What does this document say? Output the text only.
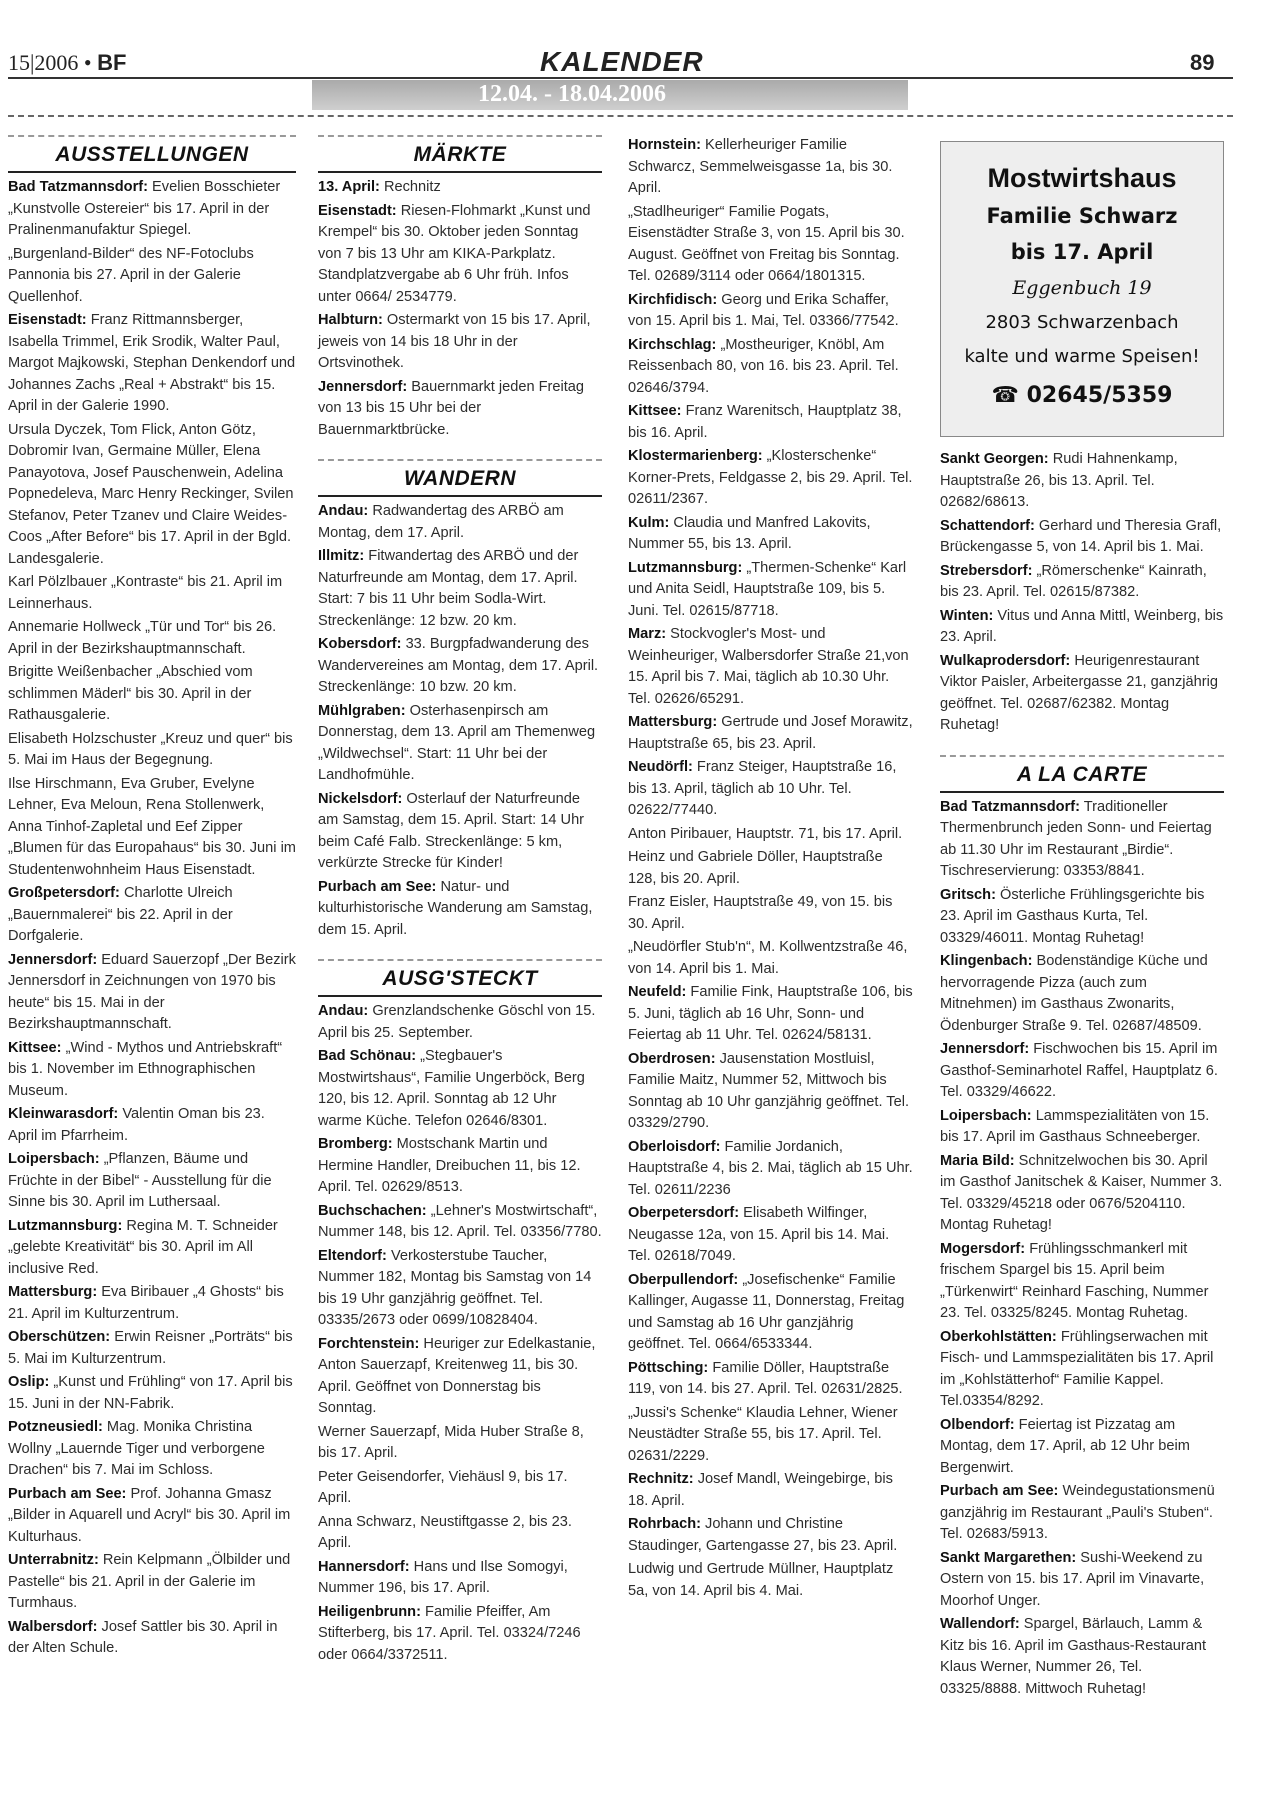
15|2006 • BF	KALENDER	89
12.04. - 18.04.2006
AUSSTELLUNGEN
Bad Tatzmannsdorf: Evelien Bosschieter „Kunstvolle Ostereier“ bis 17. April in der Pralinenmanufaktur Spiegel.
„Burgenland-Bilder“ des NF-Fotoclubs Pannonia bis 27. April in der Galerie Quellenhof.
Eisenstadt: Franz Rittmannsberger, Isabella Trimmel, Erik Srodik, Walter Paul, Margot Majkowski, Stephan Denkendorf und Johannes Zachs „Real + Abstrakt“ bis 15. April in der Galerie 1990.
Ursula Dyczek, Tom Flick, Anton Götz, Dobromir Ivan, Germaine Müller, Elena Panayotova, Josef Pauschenwein, Adelina Popnedeleva, Marc Henry Reckinger, Svilen Stefanov, Peter Tzanev und Claire Weides-Coos „After Before“ bis 17. April in der Bgld. Landesgalerie.
Karl Pölzlbauer „Kontraste“ bis 21. April im Leinnerhaus.
Annemarie Hollweck „Tür und Tor“ bis 26. April in der Bezirkshauptmannschaft.
Brigitte Weißenbacher „Abschied vom schlimmen Mäderl“ bis 30. April in der Rathausgalerie.
Elisabeth Holzschuster „Kreuz und quer“ bis 5. Mai im Haus der Begegnung.
Ilse Hirschmann, Eva Gruber, Evelyne Lehner, Eva Meloun, Rena Stollenwerk, Anna Tinhof-Zapletal und Eef Zipper „Blumen für das Europahaus“ bis 30. Juni im Studentenwohnheim Haus Eisenstadt.
Großpetersdorf: Charlotte Ulreich „Bauernmalerei“ bis 22. April in der Dorfgalerie.
Jennersdorf: Eduard Sauerzopf „Der Bezirk Jennersdorf in Zeichnungen von 1970 bis heute“ bis 15. Mai in der Bezirkshauptmannschaft.
Kittsee: „Wind - Mythos und Antriebskraft“ bis 1. November im Ethnographischen Museum.
Kleinwarasdorf: Valentin Oman bis 23. April im Pfarrheim.
Loipersbach: „Pflanzen, Bäume und Früchte in der Bibel“ - Ausstellung für die Sinne bis 30. April im Luthersaal.
Lutzmannsburg: Regina M. T. Schneider „gelebte Kreativität“ bis 30. April im All inclusive Red.
Mattersburg: Eva Biribauer „4 Ghosts“ bis 21. April im Kulturzentrum.
Oberschützen: Erwin Reisner „Porträts“ bis 5. Mai im Kulturzentrum.
Oslip: „Kunst und Frühling“ von 17. April bis 15. Juni in der NN-Fabrik.
Potzneusiedl: Mag. Monika Christina Wollny „Lauernde Tiger und verborgene Drachen“ bis 7. Mai im Schloss.
Purbach am See: Prof. Johanna Gmasz „Bilder in Aquarell und Acryl“ bis 30. April im Kulturhaus.
Unterrabnitz: Rein Kelpmann „Ölbilder und Pastelle“ bis 21. April in der Galerie im Turmhaus.
Walbersdorf: Josef Sattler bis 30. April in der Alten Schule.
MÄRKTE
13. April: Rechnitz
Eisenstadt: Riesen-Flohmarkt „Kunst und Krempel“ bis 30. Oktober jeden Sonntag von 7 bis 13 Uhr am KIKA-Parkplatz. Standplatzvergabe ab 6 Uhr früh. Infos unter 0664/ 2534779.
Halbturn: Ostermarkt von 15 bis 17. April, jeweis von 14 bis 18 Uhr in der Ortsvinothek.
Jennersdorf: Bauernmarkt jeden Freitag von 13 bis 15 Uhr bei der Bauernmarktbrücke.
WANDERN
Andau: Radwandertag des ARBÖ am Montag, dem 17. April.
Illmitz: Fitwandertag des ARBÖ und der Naturfreunde am Montag, dem 17. April. Start: 7 bis 11 Uhr beim Sodla-Wirt. Streckenlänge: 12 bzw. 20 km.
Kobersdorf: 33. Burgpfadwanderung des Wandervereines am Montag, dem 17. April. Streckenlänge: 10 bzw. 20 km.
Mühlgraben: Osterhasenpirsch am Donnerstag, dem 13. April am Themenweg „Wildwechsel“. Start: 11 Uhr bei der Landhofmühle.
Nickelsdorf: Osterlauf der Naturfreunde am Samstag, dem 15. April. Start: 14 Uhr beim Café Falb. Streckenlänge: 5 km, verkürzte Strecke für Kinder!
Purbach am See: Natur- und kulturhistorische Wanderung am Samstag, dem 15. April.
AUSG'STECKT
Andau: Grenzlandschenke Göschl von 15. April bis 25. September.
Bad Schönau: „Stegbauer's Mostwirtshaus“, Familie Ungerböck, Berg 120, bis 12. April. Sonntag ab 12 Uhr warme Küche. Telefon 02646/8301.
Bromberg: Mostschank Martin und Hermine Handler, Dreibuchen 11, bis 12. April. Tel. 02629/8513.
Buchschachen: „Lehner's Mostwirtschaft“, Nummer 148, bis 12. April. Tel. 03356/7780.
Eltendorf: Verkosterstube Taucher, Nummer 182, Montag bis Samstag von 14 bis 19 Uhr ganzjährig geöffnet. Tel. 03335/2673 oder 0699/10828404.
Forchtenstein: Heuriger zur Edelkastanie, Anton Sauerzapf, Kreitenweg 11, bis 30. April. Geöffnet von Donnerstag bis Sonntag.
Werner Sauerzapf, Mida Huber Straße 8, bis 17. April.
Peter Geisendorfer, Viehäusl 9, bis 17. April.
Anna Schwarz, Neustiftgasse 2, bis 23. April.
Hannersdorf: Hans und Ilse Somogyi, Nummer 196, bis 17. April.
Heiligenbrunn: Familie Pfeiffer, Am Stifterberg, bis 17. April. Tel. 03324/7246 oder 0664/3372511.
Hornstein: Kellerheuriger Familie Schwarcz, Semmelweisgasse 1a, bis 30. April.
„Stadlheuriger“ Familie Pogats, Eisenstädter Straße 3, von 15. April bis 30. August. Geöffnet von Freitag bis Sonntag. Tel. 02689/3114 oder 0664/1801315.
Kirchfidisch: Georg und Erika Schaffer, von 15. April bis 1. Mai, Tel. 03366/77542.
Kirchschlag: „Mostheuriger, Knöbl, Am Reissenbach 80, von 16. bis 23. April. Tel. 02646/3794.
Kittsee: Franz Warenitsch, Hauptplatz 38, bis 16. April.
Klostermarienberg: „Klosterschenke“ Korner-Prets, Feldgasse 2, bis 29. April. Tel. 02611/2367.
Kulm: Claudia und Manfred Lakovits, Nummer 55, bis 13. April.
Lutzmannsburg: „Thermen-Schenke“ Karl und Anita Seidl, Hauptstraße 109, bis 5. Juni. Tel. 02615/87718.
Marz: Stockvogler's Most- und Weinheuriger, Walbersdorfer Straße 21,von 15. April bis 7. Mai, täglich ab 10.30 Uhr. Tel. 02626/65291.
Mattersburg: Gertrude und Josef Morawitz, Hauptstraße 65, bis 23. April.
Neudörfl: Franz Steiger, Hauptstraße 16, bis 13. April, täglich ab 10 Uhr. Tel. 02622/77440.
Anton Piribauer, Hauptstr. 71, bis 17. April.
Heinz und Gabriele Döller, Hauptstraße 128, bis 20. April.
Franz Eisler, Hauptstraße 49, von 15. bis 30. April.
„Neudörfler Stub'n“, M. Kollwentzstraße 46, von 14. April bis 1. Mai.
Neufeld: Familie Fink, Hauptstraße 106, bis 5. Juni, täglich ab 16 Uhr, Sonn- und Feiertag ab 11 Uhr. Tel. 02624/58131.
Oberdrosen: Jausenstation Mostluisl, Familie Maitz, Nummer 52, Mittwoch bis Sonntag ab 10 Uhr ganzjährig geöffnet. Tel. 03329/2790.
Oberloisdorf: Familie Jordanich, Hauptstraße 4, bis 2. Mai, täglich ab 15 Uhr. Tel. 02611/2236
Oberpetersdorf: Elisabeth Wilfinger, Neugasse 12a, von 15. April bis 14. Mai. Tel. 02618/7049.
Oberpullendorf: „Josefischenke“ Familie Kallinger, Augasse 11, Donnerstag, Freitag und Samstag ab 16 Uhr ganzjährig geöffnet. Tel. 0664/6533344.
Pöttsching: Familie Döller, Hauptstraße 119, von 14. bis 27. April. Tel. 02631/2825.
„Jussi's Schenke“ Klaudia Lehner, Wiener Neustädter Straße 55, bis 17. April. Tel. 02631/2229.
Rechnitz: Josef Mandl, Weingebirge, bis 18. April.
Rohrbach: Johann und Christine Staudinger, Gartengasse 27, bis 23. April.
Ludwig und Gertrude Müllner, Hauptplatz 5a, von 14. April bis 4. Mai.
Mostwirtshaus
Familie Schwarz
bis 17. April
Eggenbuch 19
2803 Schwarzenbach
kalte und warme Speisen!
☎ 02645/5359
Sankt Georgen: Rudi Hahnenkamp, Hauptstraße 26, bis 13. April. Tel. 02682/68613.
Schattendorf: Gerhard und Theresia Grafl, Brückengasse 5, von 14. April bis 1. Mai.
Strebersdorf: „Römerschenke“ Kainrath, bis 23. April. Tel. 02615/87382.
Winten: Vitus und Anna Mittl, Weinberg, bis 23. April.
Wulkaprodersdorf: Heurigenrestaurant Viktor Paisler, Arbeitergasse 21, ganzjährig geöffnet. Tel. 02687/62382. Montag Ruhetag!
A LA CARTE
Bad Tatzmannsdorf: Traditioneller Thermenbrunch jeden Sonn- und Feiertag ab 11.30 Uhr im Restaurant „Birdie“. Tischreservierung: 03353/8841.
Gritsch: Österliche Frühlingsgerichte bis 23. April im Gasthaus Kurta, Tel. 03329/46011. Montag Ruhetag!
Klingenbach: Bodenständige Küche und hervorragende Pizza (auch zum Mitnehmen) im Gasthaus Zwonarits, Ödenburger Straße 9. Tel. 02687/48509.
Jennersdorf: Fischwochen bis 15. April im Gasthof-Seminarhotel Raffel, Hauptplatz 6. Tel. 03329/46622.
Loipersbach: Lammspezialitäten von 15. bis 17. April im Gasthaus Schneeberger.
Maria Bild: Schnitzelwochen bis 30. April im Gasthof Janitschek & Kaiser, Nummer 3. Tel. 03329/45218 oder 0676/5204110. Montag Ruhetag!
Mogersdorf: Frühlingsschmankerl mit frischem Spargel bis 15. April beim „Türkenwirt“ Reinhard Fasching, Nummer 23. Tel. 03325/8245. Montag Ruhetag.
Oberkohlstätten: Frühlingserwachen mit Fisch- und Lammspezialitäten bis 17. April im „Kohlstätterhof“ Familie Kappel. Tel.03354/8292.
Olbendorf: Feiertag ist Pizzatag am Montag, dem 17. April, ab 12 Uhr beim Bergenwirt.
Purbach am See: Weindegustationsmenü ganzjährig im Restaurant „Pauli's Stuben“. Tel. 02683/5913.
Sankt Margarethen: Sushi-Weekend zu Ostern von 15. bis 17. April im Vinavarte, Moorhof Unger.
Wallendorf: Spargel, Bärlauch, Lamm & Kitz bis 16. April im Gasthaus-Restaurant Klaus Werner, Nummer 26, Tel. 03325/8888. Mittwoch Ruhetag!
